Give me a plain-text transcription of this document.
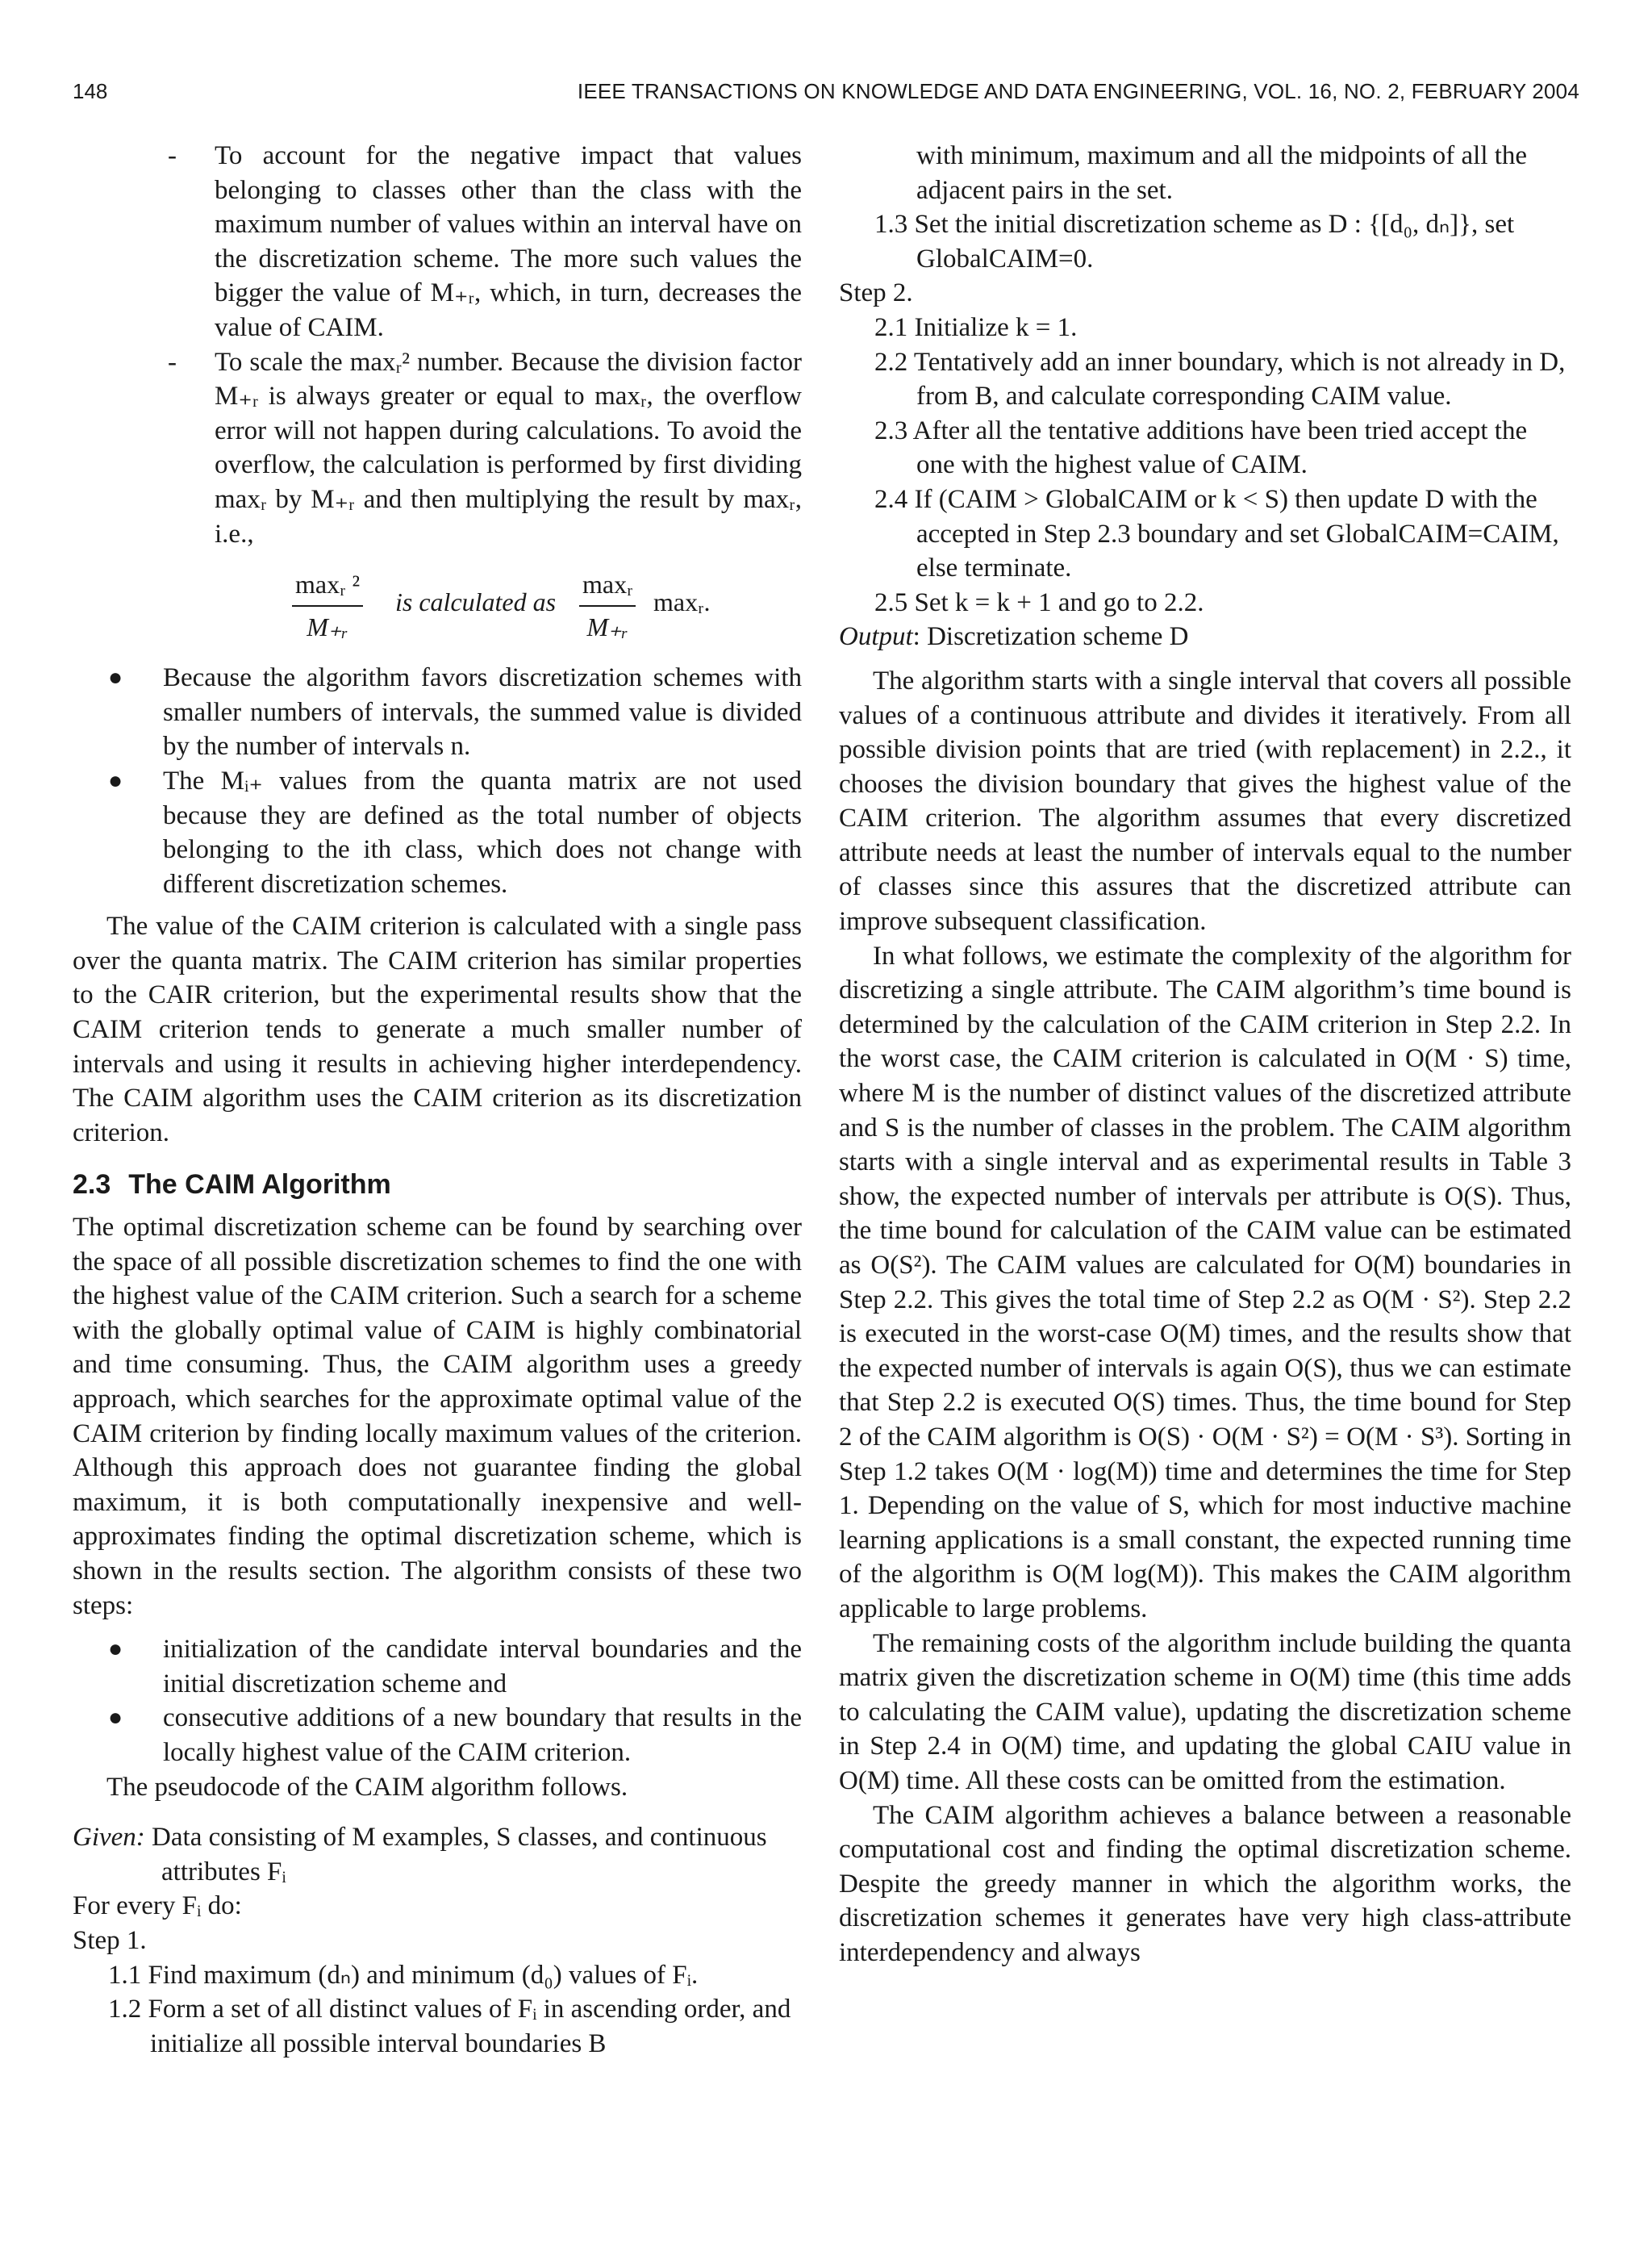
148	IEEE TRANSACTIONS ON KNOWLEDGE AND DATA ENGINEERING, VOL. 16, NO. 2, FEBRUARY 2004

- To account for the negative impact that values belonging to classes other than the class with the maximum number of values within an interval have on the discretization scheme. The more such values the bigger the value of M₊ᵣ, which, in turn, decreases the value of CAIM.

- To scale the maxᵣ² number. Because the division factor M₊ᵣ is always greater or equal to maxᵣ, the overflow error will not happen during calculations. To avoid the overflow, the calculation is performed by first dividing maxᵣ by M₊ᵣ and then multiplying the result by maxᵣ, i.e.,

maxᵣ ²
M₊ᵣ
is calculated as
maxᵣ
M₊ᵣ
maxᵣ.

● Because the algorithm favors discretization schemes with smaller numbers of intervals, the summed value is divided by the number of intervals n.

● The Mᵢ₊ values from the quanta matrix are not used because they are defined as the total number of objects belonging to the ith class, which does not change with different discretization schemes.

The value of the CAIM criterion is calculated with a single pass over the quanta matrix. The CAIM criterion has similar properties to the CAIR criterion, but the experimental results show that the CAIM criterion tends to generate a much smaller number of intervals and using it results in achieving higher interdependency. The CAIM algorithm uses the CAIM criterion as its discretization criterion.

2.3 The CAIM Algorithm

The optimal discretization scheme can be found by searching over the space of all possible discretization schemes to find the one with the highest value of the CAIM criterion. Such a search for a scheme with the globally optimal value of CAIM is highly combinatorial and time consuming. Thus, the CAIM algorithm uses a greedy approach, which searches for the approximate optimal value of the CAIM criterion by finding locally maximum values of the criterion. Although this approach does not guarantee finding the global maximum, it is both computationally inexpensive and well-approximates finding the optimal discretization scheme, which is shown in the results section. The algorithm consists of these two steps:

● initialization of the candidate interval boundaries and the initial discretization scheme and

● consecutive additions of a new boundary that results in the locally highest value of the CAIM criterion.

The pseudocode of the CAIM algorithm follows.

Given: Data consisting of M examples, S classes, and continuous attributes Fᵢ

For every Fᵢ do:

Step 1.

1.1 Find maximum (dₙ) and minimum (d₀) values of Fᵢ.

1.2 Form a set of all distinct values of Fᵢ in ascending order, and initialize all possible interval boundaries B

with minimum, maximum and all the midpoints of all the adjacent pairs in the set.

1.3 Set the initial discretization scheme as D : {[d₀, dₙ]}, set GlobalCAIM=0.

Step 2.

2.1 Initialize k = 1.

2.2 Tentatively add an inner boundary, which is not already in D, from B, and calculate corresponding CAIM value.

2.3 After all the tentative additions have been tried accept the one with the highest value of CAIM.

2.4 If (CAIM > GlobalCAIM or k < S) then update D with the accepted in Step 2.3 boundary and set GlobalCAIM=CAIM, else terminate.

2.5 Set k = k + 1 and go to 2.2.

Output: Discretization scheme D

The algorithm starts with a single interval that covers all possible values of a continuous attribute and divides it iteratively. From all possible division points that are tried (with replacement) in 2.2., it chooses the division boundary that gives the highest value of the CAIM criterion. The algorithm assumes that every discretized attribute needs at least the number of intervals equal to the number of classes since this assures that the discretized attribute can improve subsequent classification.

In what follows, we estimate the complexity of the algorithm for discretizing a single attribute. The CAIM algorithm’s time bound is determined by the calculation of the CAIM criterion in Step 2.2. In the worst case, the CAIM criterion is calculated in O(M · S) time, where M is the number of distinct values of the discretized attribute and S is the number of classes in the problem. The CAIM algorithm starts with a single interval and as experimental results in Table 3 show, the expected number of intervals per attribute is O(S). Thus, the time bound for calculation of the CAIM value can be estimated as O(S²). The CAIM values are calculated for O(M) boundaries in Step 2.2. This gives the total time of Step 2.2 as O(M · S²). Step 2.2 is executed in the worst-case O(M) times, and the results show that the expected number of intervals is again O(S), thus we can estimate that Step 2.2 is executed O(S) times. Thus, the time bound for Step 2 of the CAIM algorithm is O(S) · O(M · S²) = O(M · S³). Sorting in Step 1.2 takes O(M · log(M)) time and determines the time for Step 1. Depending on the value of S, which for most inductive machine learning applications is a small constant, the expected running time of the algorithm is O(M log(M)). This makes the CAIM algorithm applicable to large problems.

The remaining costs of the algorithm include building the quanta matrix given the discretization scheme in O(M) time (this time adds to calculating the CAIM value), updating the discretization scheme in Step 2.4 in O(M) time, and updating the global CAIU value in O(M) time. All these costs can be omitted from the estimation.

The CAIM algorithm achieves a balance between a reasonable computational cost and finding the optimal discretization scheme. Despite the greedy manner in which the algorithm works, the discretization schemes it generates have very high class-attribute interdependency and always
